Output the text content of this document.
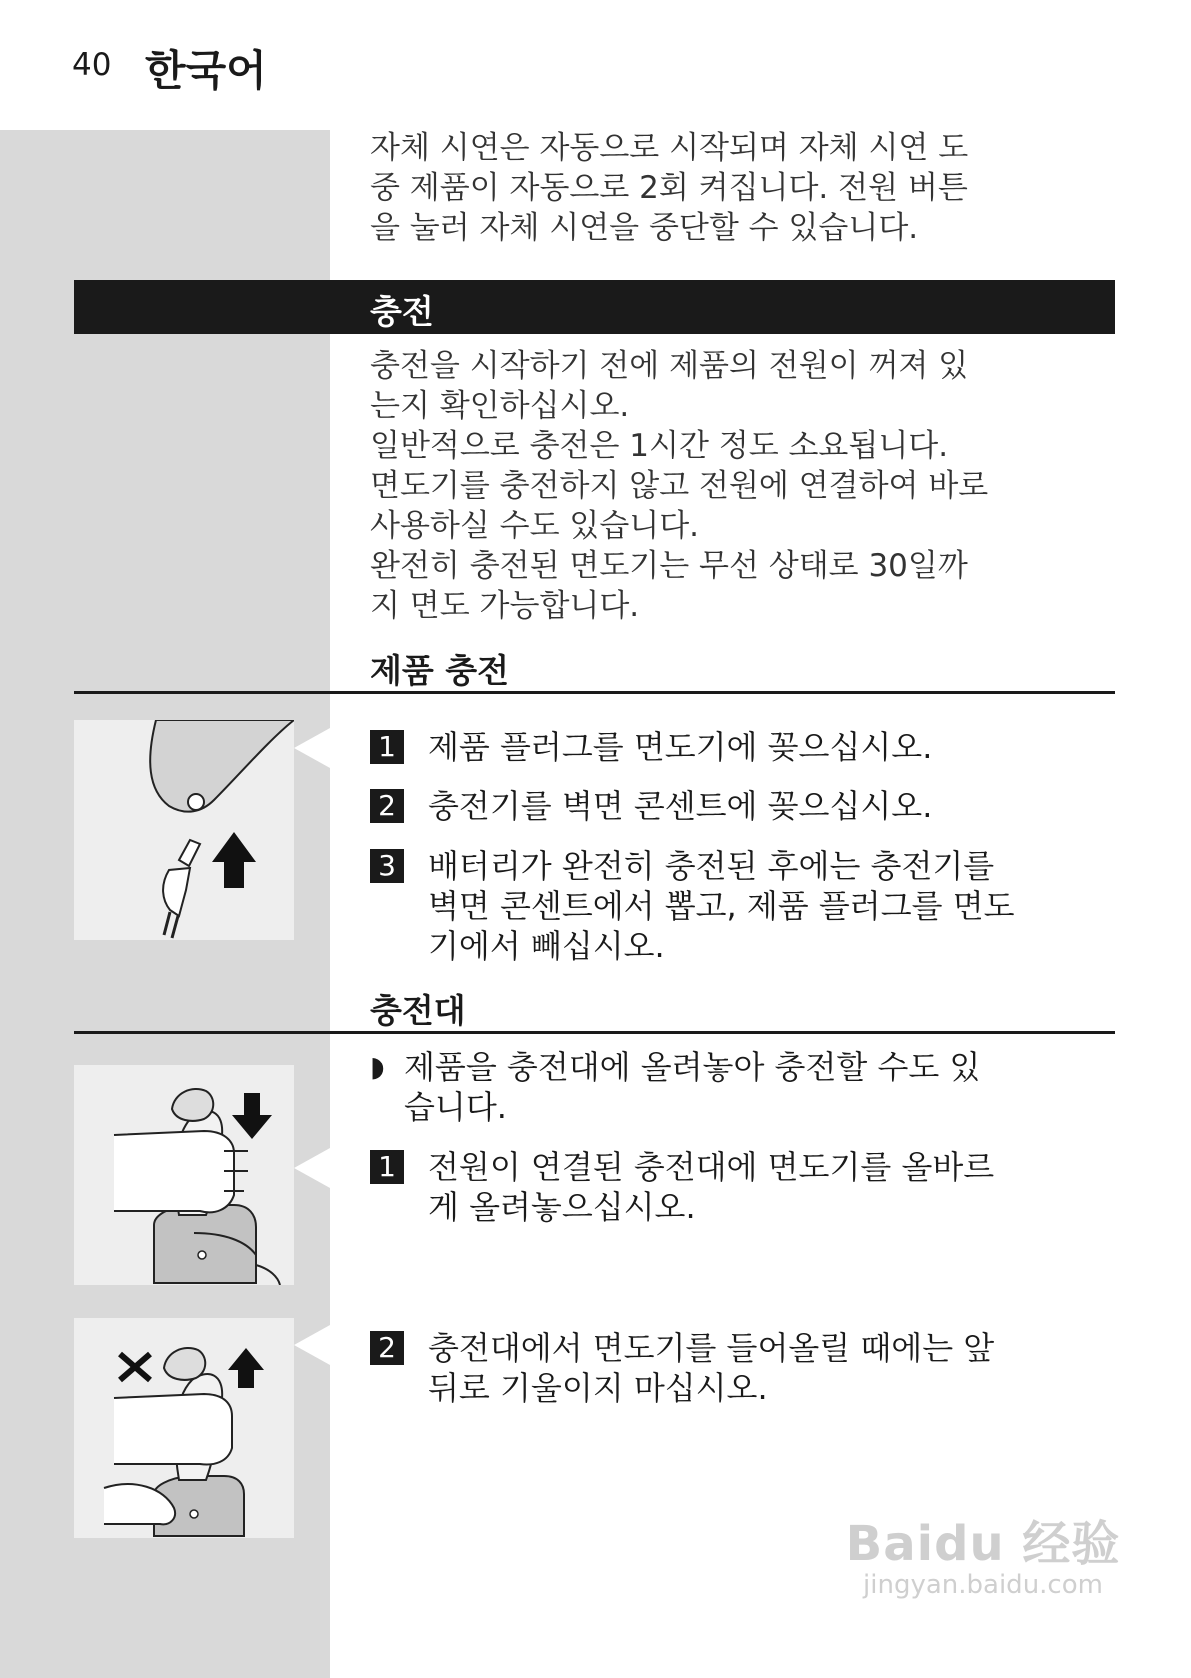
40 한국어

자체 시연은 자동으로 시작되며 자체 시연 도

중 제품이 자동으로 2회 켜집니다. 전원 버튼

을 눌러 자체 시연을 중단할 수 있습니다.

충전

충전을 시작하기 전에 제품의 전원이 꺼져 있

는지 확인하십시오.

일반적으로 충전은 1시간 정도 소요됩니다.

면도기를 충전하지 않고 전원에 연결하여 바로

사용하실 수도 있습니다.

완전히 충전된 면도기는 무선 상태로 30일까

지 면도 가능합니다.

제품 충전
1 제품 플러그를 면도기에 꽂으십시오.
2 충전기를 벽면 콘센트에 꽂으십시오.
3 배터리가 완전히 충전된 후에는 충전기를
벽면 콘센트에서 뽑고, 제품 플러그를 면도
기에서 빼십시오.
충전대
◗ 제품을 충전대에 올려놓아 충전할 수도 있
습니다.
1 전원이 연결된 충전대에 면도기를 올바르
게 올려놓으십시오.
2 충전대에서 면도기를 들어올릴 때에는 앞
뒤로 기울이지 마십시오.
Baidu 经验
jingyan.baidu.com
